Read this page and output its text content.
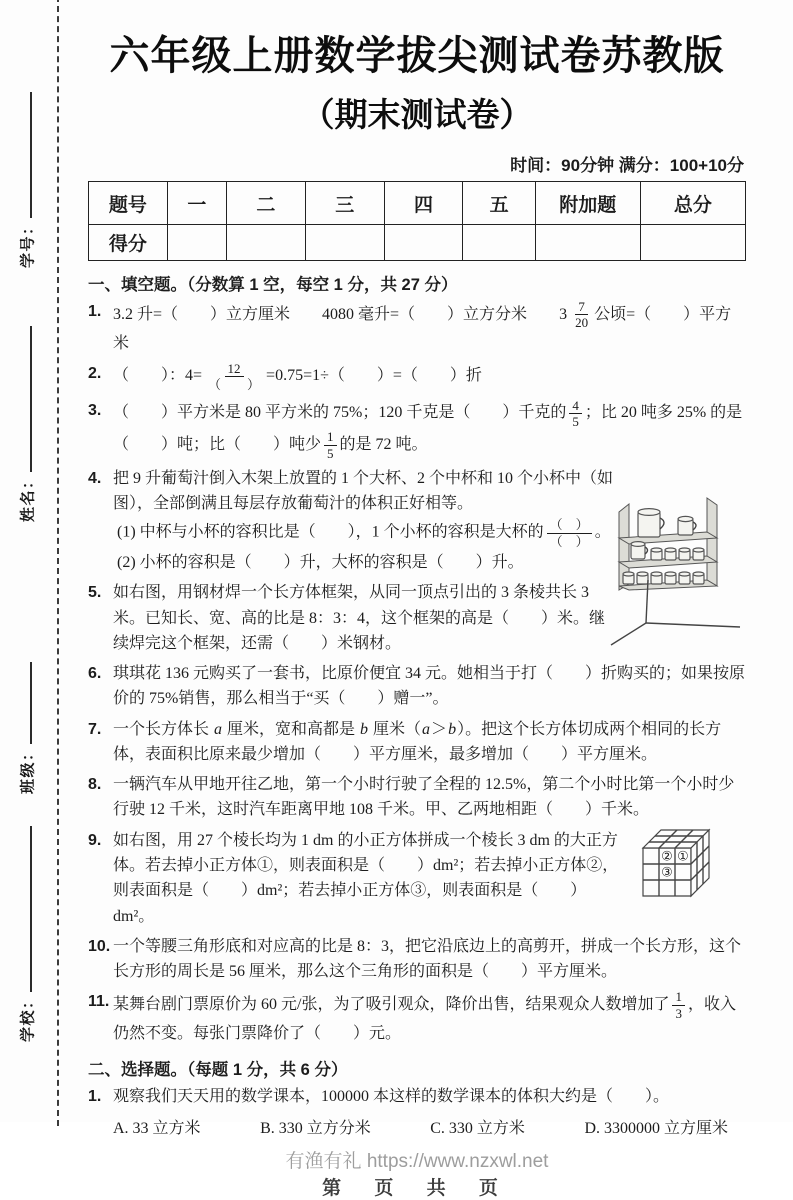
学号：
姓名：
班级：
学校：
六年级上册数学拔尖测试卷苏教版
（期末测试卷）
时间：90分钟 满分：100+10分
题号	一	二	三	四	五	附加题	总分
得分							
一、填空题。（分数算 1 空，每空 1 分，共 27 分）
1. 3.2 升=（　　）立方厘米　　4080 毫升=（　　）立方分米　　$3 \frac{7}{20}$ 公顷=（　　）平方米
2. （　　）：$4= \frac{12}{( )} =0.75=1\div$（　　）=（　　）折
3. （　　）平方米是 80 平方米的 75%；120 千克是（　　）千克的 $\frac{4}{5}$ ；比 20 吨多 25% 的是（　　）吨；比（　　）吨少 $\frac{1}{5}$ 的是 72 吨。
4. 把 9 升葡萄汁倒入木架上放置的 1 个大杯、2 个中杯和 10 个小杯中（如图），全部倒满且每层存放葡萄汁的体积正好相等。
(1) 中杯与小杯的容积比是（　　），1 个小杯的容积是大杯的 $\frac{( )}{( )}$ 。
(2) 小杯的容积是（　　）升，大杯的容积是（　　）升。
5. 如右图，用钢材焊一个长方体框架，从同一顶点引出的 3 条棱共长 3 米。已知长、宽、高的比是 8：3：4，这个框架的高是（　　）米。继续焊完这个框架，还需（　　）米钢材。
6. 琪琪花 136 元购买了一套书，比原价便宜 34 元。她相当于打（　　）折购买的；如果按原价的 75%销售，那么相当于“买（　　）赠一”。
7. 一个长方体长 a 厘米，宽和高都是 b 厘米（a＞b）。把这个长方体切成两个相同的长方体，表面积比原来最少增加（　　）平方厘米，最多增加（　　）平方厘米。
8. 一辆汽车从甲地开往乙地，第一个小时行驶了全程的 12.5%，第二个小时比第一个小时少行驶 12 千米，这时汽车距离甲地 108 千米。甲、乙两地相距（　　）千米。
9. 如右图，用 27 个棱长均为 1 dm 的小正方体拼成一个棱长 3 dm 的大正方体。若去掉小正方体①，则表面积是（　　）dm²；若去掉小正方体②，则表面积是（　　）dm²；若去掉小正方体③，则表面积是（　　）dm²。
② ①
③
10. 一个等腰三角形底和对应高的比是 8：3，把它沿底边上的高剪开，拼成一个长方形，这个长方形的周长是 56 厘米，那么这个三角形的面积是（　　）平方厘米。
11. 某舞台剧门票原价为 60 元/张，为了吸引观众，降价出售，结果观众人数增加了 $\frac{1}{3}$ ，收入仍然不变。每张门票降价了（　　）元。
二、选择题。（每题 1 分，共 6 分）
1. 观察我们天天用的数学课本，100000 本这样的数学课本的体积大约是（　　）。
A. 33 立方米	B. 330 立方分米	C. 330 立方米	D. 3300000 立方厘米
有渔有礼 https://www.nzxwl.net
第 页 共 页
